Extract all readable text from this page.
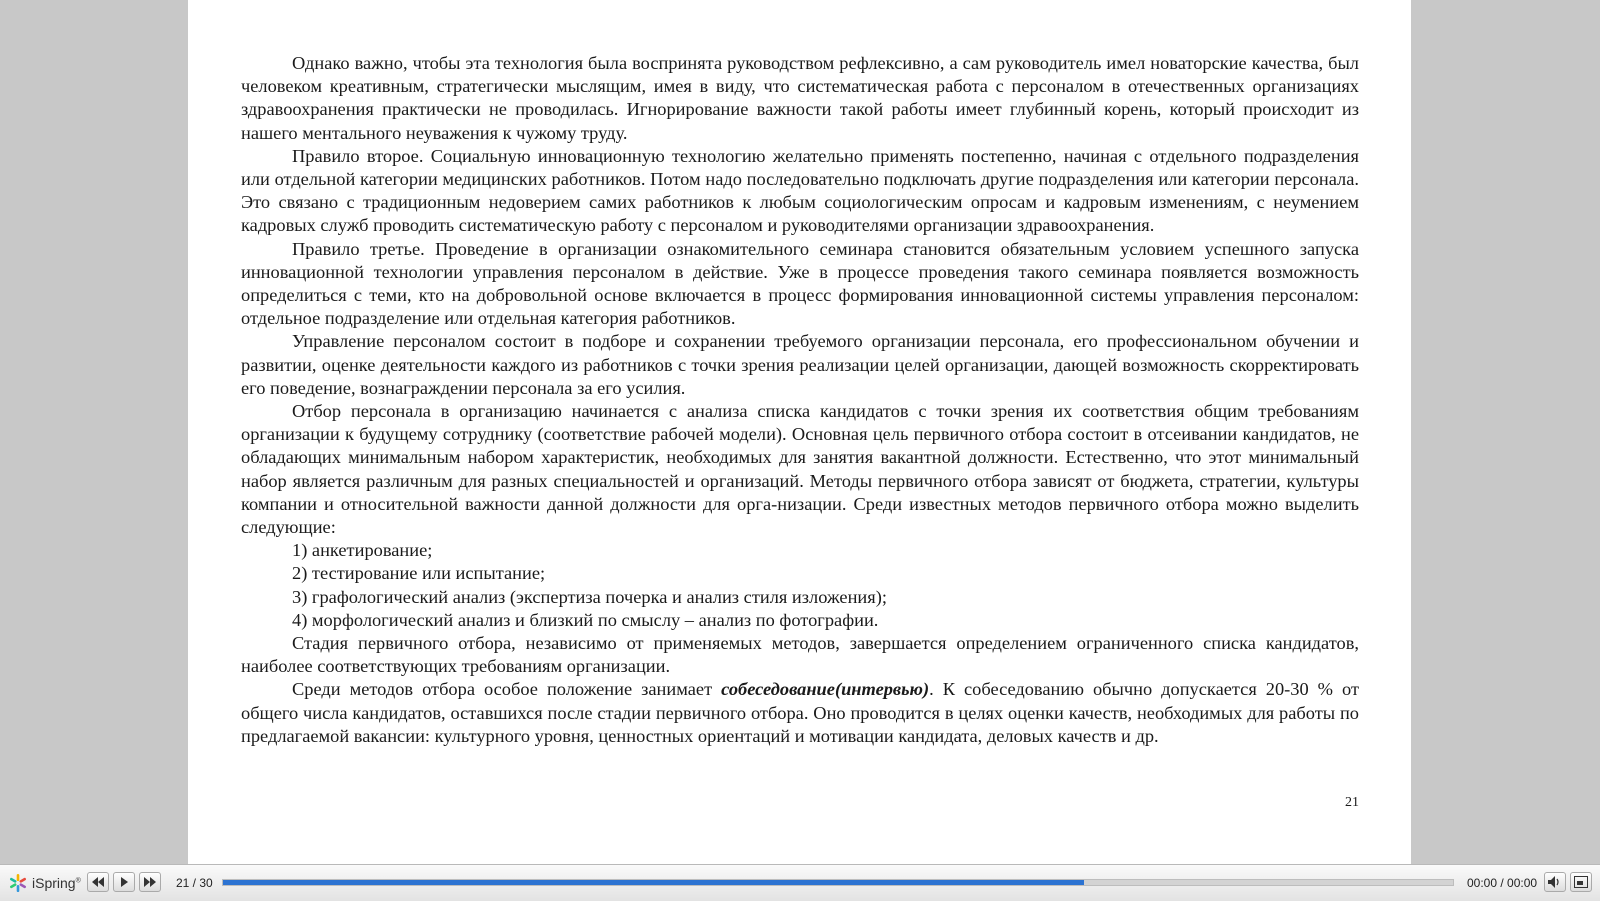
Однако важно, чтобы эта технология была воспринята руководством рефлексивно, а сам руководитель имел новаторские качества, был человеком креативным, стратегически мыслящим, имея в виду, что систематическая работа с персоналом в отечественных организациях здравоохранения практически не проводилась. Игнорирование важности такой работы имеет глубинный корень, который происходит из нашего ментального неуважения к чужому труду.

Правило второе. Социальную инновационную технологию желательно применять постепенно, начиная с отдельного подразделения или отдельной категории медицинских работников. Потом надо последовательно подключать другие подразделения или категории персонала. Это связано с традиционным недоверием самих работников к любым социологическим опросам и кадровым изменениям, с неумением кадровых служб проводить систематическую работу с персоналом и руководителями организации здравоохранения.

Правило третье. Проведение в организации ознакомительного семинара становится обязательным условием успешного запуска инновационной технологии управления персоналом в действие. Уже в процессе проведения такого семинара появляется возможность определиться с теми, кто на добровольной основе включается в процесс формирования инновационной системы управления персоналом: отдельное подразделение или отдельная категория работников.

Управление персоналом состоит в подборе и сохранении требуемого организации персонала, его профессиональном обучении и развитии, оценке деятельности каждого из работников с точки зрения реализации целей организации, дающей возможность скорректировать его поведение, вознаграждении персонала за его усилия.

Отбор персонала в организацию начинается с анализа списка кандидатов с точки зрения их соответствия общим требованиям организации к будущему сотруднику (соответствие рабочей модели). Основная цель первичного отбора состоит в отсеивании кандидатов, не обладающих минимальным набором характеристик, необходимых для занятия вакантной должности. Естественно, что этот минимальный набор является различным для разных специальностей и организаций. Методы первичного отбора зависят от бюджета, стратегии, культуры компании и относительной важности данной должности для орга-низации. Среди известных методов первичного отбора можно выделить следующие:

1) анкетирование;

2) тестирование или испытание;

3) графологический анализ (экспертиза почерка и анализ стиля изложения);

4) морфологический анализ и близкий по смыслу – анализ по фотографии.

Стадия первичного отбора, независимо от применяемых методов, завершается определением ограниченного списка кандидатов, наиболее соответствующих требованиям организации.

Среди методов отбора особое положение занимает собеседование(интервью). К собеседованию обычно допускается 20-30 % от общего числа кандидатов, оставшихся после стадии первичного отбора. Оно проводится в целях оценки качеств, необходимых для работы по предлагаемой вакансии: культурного уровня, ценностных ориентаций и мотивации кандидата, деловых качеств и др.

21
iSpring®	21 / 30	00:00 / 00:00
